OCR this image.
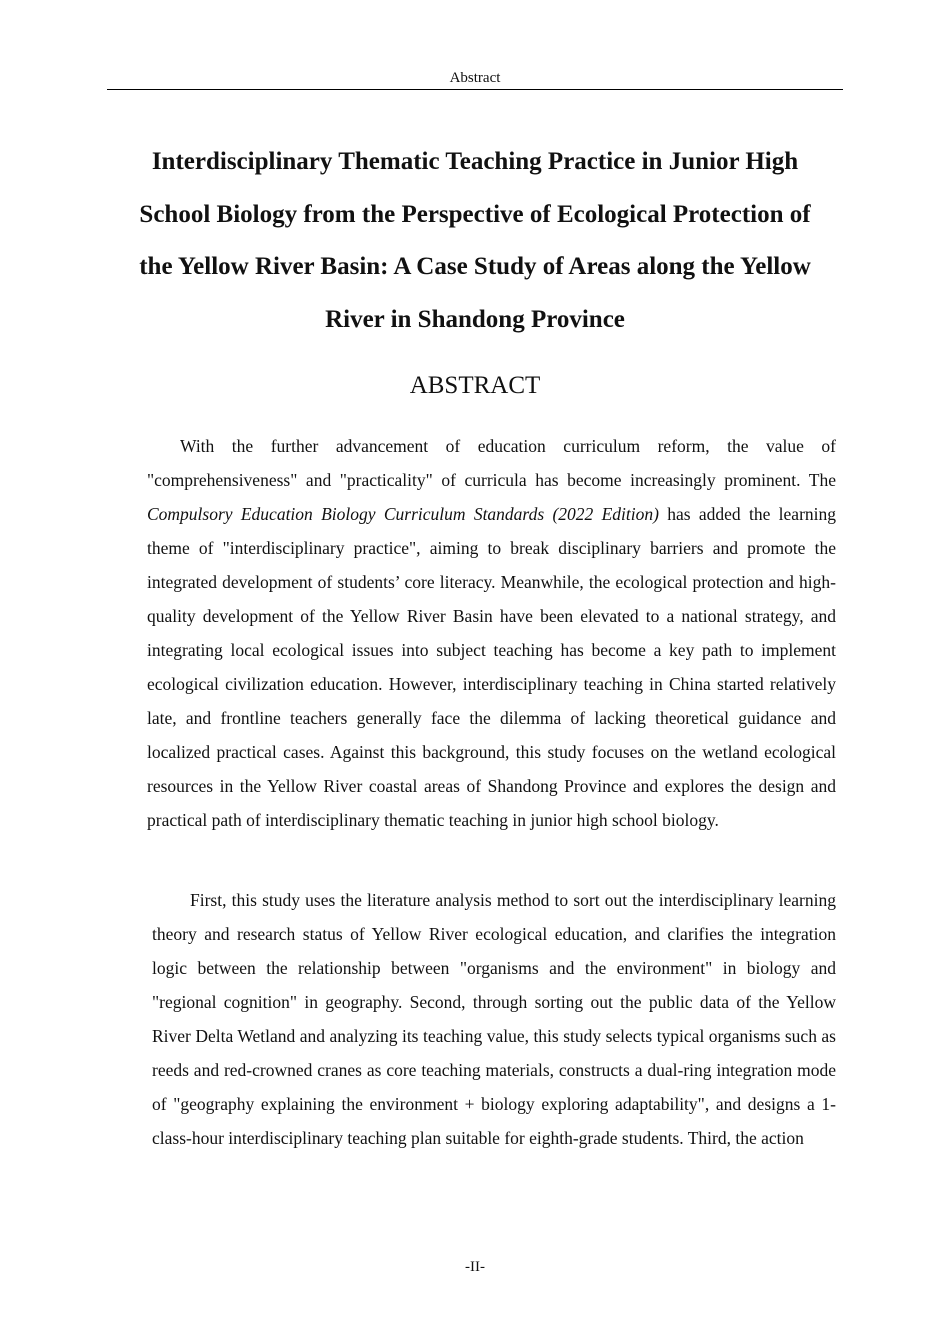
Abstract
Interdisciplinary Thematic Teaching Practice in Junior High School Biology from the Perspective of Ecological Protection of the Yellow River Basin: A Case Study of Areas along the Yellow River in Shandong Province
ABSTRACT

With the further advancement of education curriculum reform, the value of "comprehensiveness" and "practicality" of curricula has become increasingly prominent. The Compulsory Education Biology Curriculum Standards (2022 Edition) has added the learning theme of "interdisciplinary practice", aiming to break disciplinary barriers and promote the integrated development of students’ core literacy. Meanwhile, the ecological protection and high-quality development of the Yellow River Basin have been elevated to a national strategy, and integrating local ecological issues into subject teaching has become a key path to implement ecological civilization education. However, interdisciplinary teaching in China started relatively late, and frontline teachers generally face the dilemma of lacking theoretical guidance and localized practical cases. Against this background, this study focuses on the wetland ecological resources in the Yellow River coastal areas of Shandong Province and explores the design and practical path of interdisciplinary thematic teaching in junior high school biology.

First, this study uses the literature analysis method to sort out the interdisciplinary learning theory and research status of Yellow River ecological education, and clarifies the integration logic between the relationship between "organisms and the environment" in biology and "regional cognition" in geography. Second, through sorting out the public data of the Yellow River Delta Wetland and analyzing its teaching value, this study selects typical organisms such as reeds and red-crowned cranes as core teaching materials, constructs a dual-ring integration mode of "geography explaining the environment + biology exploring adaptability", and designs a 1-class-hour interdisciplinary teaching plan suitable for eighth-grade students. Third, the action

-II-
